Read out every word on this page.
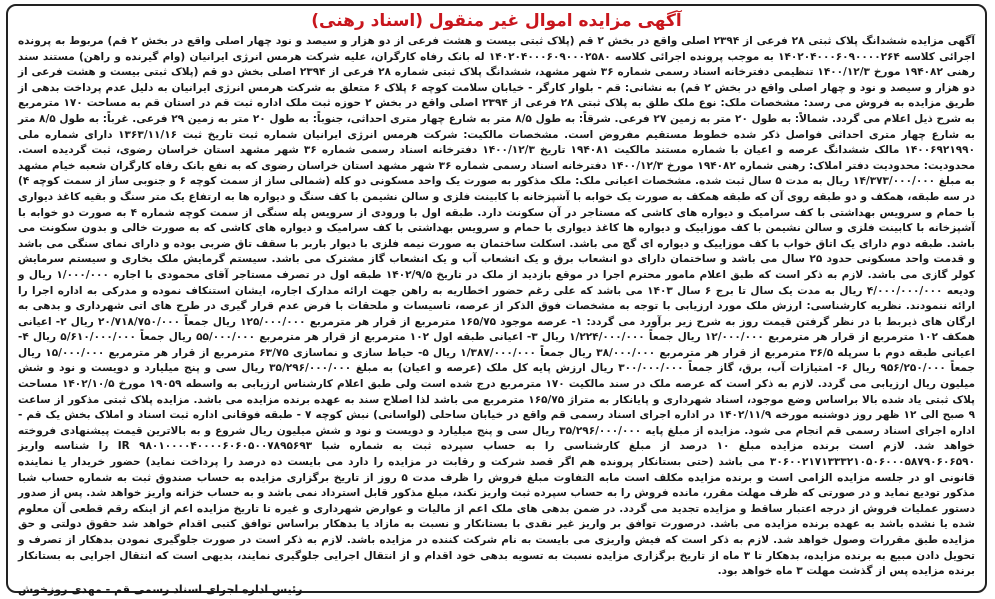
آگهی مزایده اموال غیر منقول (اسناد رهنی)

آگهی مزایده ششدانگ پلاک ثبتی ۲۸ فرعی از ۲۳۹۴ اصلی واقع در بخش ۲ قم (پلاک ثبتی بیست و هشت فرعی از دو هزار و سیصد و نود چهار اصلی واقع در بخش ۲ قم) مربوط به پرونده اجرائی کلاسه ۱۴۰۲۰۴۰۰۰۶۰۹۰۰۰۰۲۶۴ به موجب پرونده اجرائی کلاسه ۱۴۰۲۰۴۰۰۰۶۰۹۰۰۰۲۵۸۰ له بانک رفاه کارگران، علیه شرکت هرمس انرژی ایرانیان (وام گیرنده و راهن) مستند سند رهنی ۱۹۴۰۸۲ مورخ ۱۴۰۰/۱۲/۳ تنظیمی دفترخانه اسناد رسمی شماره ۳۶ شهر مشهد، ششدانگ پلاک ثبتی شماره ۲۸ فرعی از ۲۳۹۴ اصلی بخش دو قم (پلاک ثبتی بیست و هشت فرعی از دو هزار و سیصد و نود و چهار اصلی واقع در بخش ۲ قم) به نشانی: قم - بلوار کارگر - خیابان سلامت کوچه ۶ پلاک ۶ متعلق به شرکت هرمس انرژی ایرانیان به دلیل عدم پرداخت بدهی از طریق مزایده به فروش می رسد: مشخصات ملک: نوع ملک طلق به پلاک ثبتی ۲۸ فرعی از ۲۳۹۴ اصلی واقع در بخش ۲ حوزه ثبت ملک اداره ثبت قم در استان قم به مساحت ۱۷۰ مترمربع به شرح ذیل اعلام می گردد. شمالاً: به طول ۲۰ متر به زمین ۲۷ فرعی. شرقاً: به طول ۸/۵ متر به شارع چهار متری احداثی، جنوباً: به طول ۲۰ متر به زمین ۲۹ فرعی. غرباً: به طول ۸/۵ متر به شارع چهار متری احداثی فواصل ذکر شده خطوط مستقیم مفروض است. مشخصات مالکیت: شرکت هرمس انرژی ایرانیان شماره ثبت تاریخ ثبت ۱۳۶۳/۱۱/۱۶ دارای شماره ملی ۱۴۰۰۶۹۲۱۹۹۰ مالک ششدانگ عرصه و اعیان با شماره مستند مالکیت ۱۹۴۰۸۱ تاریخ ۱۴۰۰/۱۲/۳ دفترخانه اسناد رسمی شماره ۳۶ شهر مشهد استان خراسان رضوی، ثبت گردیده است. محدودیت: محدودیت دفتر املاک: رهنی شماره ۱۹۴۰۸۲ مورخ ۱۴۰۰/۱۲/۳ دفترخانه اسناد رسمی شماره ۳۶ شهر مشهد استان خراسان رضوی که به نفع بانک رفاه کارگران شعبه خیام مشهد به مبلغ ۱۴/۳۷۳/۰۰۰/۰۰۰ ریال به مدت ۵ سال ثبت شده. مشخصات اعیانی ملک: ملک مذکور به صورت یک واحد مسکونی دو کله (شمالی ساز از سمت کوچه ۶ و جنوبی ساز از سمت کوچه ۴) در سه طبقه، همکف و دو طبقه روی آن که طبقه همکف به صورت یک خوابه با آشپزخانه با کابینت فلزی و سالن نشیمن با کف سنگ و دیواره ها به ارتفاع یک متر سنگ و بقیه کاغذ دیواری با حمام و سرویس بهداشتی با کف سرامیک و دیواره های کاشی که مستاجر در آن سکونت دارد. طبقه اول با ورودی از سرویس پله سنگی از سمت کوچه شماره ۴ به صورت دو خوابه با آشپزخانه با کابینت فلزی و سالن نشیمن با کف موزاییک و دیواره ها کاغذ دیواری با حمام و سرویس بهداشتی با کف سرامیک و دیواره های کاشی که به صورت خالی و بدون سکونت می باشد. طبقه دوم دارای یک اتاق خواب با کف موزاییک و دیواره ای گچ می باشد. اسکلت ساختمان به صورت نیمه فلزی با دیوار باربر با سقف تاق ضربی بوده و دارای نمای سنگی می باشد و قدمت واحد مسکونی حدود ۲۵ سال می باشد و ساختمان دارای دو انشعاب برق و یک انشعاب آب و یک انشعاب گاز مشترک می باشد. سیستم گرمایش ملک بخاری و سیستم سرمایش کولر گازی می باشد. لازم به ذکر است که طبق اعلام مامور محترم اجرا در موقع بازدید از ملک در تاریخ ۱۴۰۲/۹/۵ طبقه اول در تصرف مستاجر آقای محمودی با اجاره ۱/۰۰۰/۰۰۰ ریال و ودیعه ۴/۰۰۰/۰۰۰/۰۰۰ ریال به مدت یک سال تا برج ۶ سال ۱۴۰۳ می باشد که علی رغم حضور اخطاریه به راهن جهت ارائه مدارک اجاره، ایشان استنکاف نموده و مدرکی به اداره اجرا را ارائه ننمودند. نظریه کارشناسی: ارزش ملک مورد ارزیابی با توجه به مشخصات فوق الذکر از عرصه، تاسیسات و ملحقات با فرض عدم قرار گیری در طرح های اتی شهرداری و بدهی به ارگان های ذیربط با در نظر گرفتن قیمت روز به شرح زیر برآورد می گردد: ۱- عرصه موجود ۱۶۵/۷۵ مترمربع از قرار هر مترمربع ۱۲۵/۰۰۰/۰۰۰ ریال جمعاً ۲۰/۷۱۸/۷۵۰/۰۰۰ ریال ۲- اعیانی همکف ۱۰۲ مترمربع از قرار هر مترمربع ۱۲/۰۰۰/۰۰۰ ریال جمعاً ۱/۲۲۴/۰۰۰/۰۰۰ ریال ۳- اعیانی طبقه اول ۱۰۲ مترمربع از قرار هر مترمربع ۵۵/۰۰۰/۰۰۰ ریال جمعاً ۵/۶۱۰/۰۰۰/۰۰۰ ریال ۴- اعیانی طبقه دوم با سرپله ۳۶/۵ مترمربع از قرار هر مترمربع ۳۸/۰۰۰/۰۰۰ ریال جمعاً ۱/۳۸۷/۰۰۰/۰۰۰ ریال ۵- حیاط سازی و نماسازی ۶۳/۷۵ مترمربع از قرار هر مترمربع ۱۵/۰۰۰/۰۰۰ ریال جمعاً ۹۵۶/۲۵۰/۰۰۰ ریال ۶- امتیازات آب، برق، گاز جمعاً ۳۰۰/۰۰۰/۰۰۰ ریال ارزش پایه کل ملک (عرصه و اعیان) به مبلغ ۳۵/۲۹۶/۰۰۰/۰۰۰ ریال سی و پنج میلیارد و دویست و نود و شش میلیون ریال ارزیابی می گردد. لازم به ذکر است که عرصه ملک در سند مالکیت ۱۷۰ مترمربع درج شده است ولی طبق اعلام کارشناس ارزیابی به واسطه ۱۹۰۵۹ مورخ ۱۴۰۲/۱۰/۵ مساحت پلاک ثبتی یاد شده بالا براساس وضع موجود، اسناد شهرداری و پایانکار به متراژ ۱۶۵/۷۵ مترمربع می باشد لذا اصلاح سند به عهده برنده مزایده می باشد. مزایده پلاک ثبتی مذکور از ساعت ۹ صبح الی ۱۲ ظهر روز دوشنبه مورخه ۱۴۰۲/۱۱/۹ در اداره اجرای اسناد رسمی قم واقع در خیابان ساحلی (لواسانی) نبش کوچه ۷ - طبقه فوقانی اداره ثبت اسناد و املاک بخش یک قم - اداره اجرای اسناد رسمی قم انجام می شود. مزایده از مبلغ پایه ۳۵/۲۹۶/۰۰۰/۰۰۰ ریال سی و پنج میلیارد و دویست و نود و شش میلیون ریال شروع و به بالاترین قیمت پیشنهادی فروخته خواهد شد. لازم است برنده مزایده مبلغ ۱۰ درصد از مبلغ کارشناسی را به حساب سپرده ثبت به شماره شبا IR ۹۸۰۱۰۰۰۰۴۰۰۰۰۶۰۶۰۵۰۰۷۸۹۵۶۹۳ را شناسه واریز ۳۰۶۰۰۲۱۷۱۳۳۳۲۱۰۵۰۶۰۰۰۵۸۷۹۰۶۰۶۵۹۰ می باشد (حتی بستانکار پرونده هم اگر قصد شرکت و رقابت در مزایده را دارد می بایست ده درصد را پرداخت نماید) حضور خریدار یا نماینده قانونی او در جلسه مزایده الزامی است و برنده مزایده مکلف است مابه التفاوت مبلغ فروش را ظرف مدت ۵ روز از تاریخ برگزاری مزایده به حساب صندوق ثبت به شماره حساب شبا مذکور تودیع نماید و در صورتی که ظرف مهلت مقرر، مانده فروش را به حساب سپرده ثبت واریز نکند، مبلغ مذکور قابل استرداد نمی باشد و به حساب خزانه واریز خواهد شد. پس از صدور دستور عملیات فروش از درجه اعتبار ساقط و مزایده تجدید می گردد. در ضمن بدهی های ملک اعم از مالیات و عوارض شهرداری و غیره تا تاریخ مزایده اعم از اینکه رقم قطعی آن معلوم شده یا نشده باشد به عهده برنده مزایده می باشد. درصورت توافق بر واریز غیر نقدی با بستانکار و نسبت به مازاد یا بدهکار براساس توافق کتبی اقدام خواهد شد حقوق دولتی و حق مزایده طبق مقررات وصول خواهد شد. لازم به ذکر است که فیش واریزی می بایست به نام شرکت کننده در مزایده باشد. لازم به ذکر است در صورت جلوگیری نمودن بدهکار از تصرف و تحویل دادن مبیع به برنده مزایده، بدهکار تا ۳ ماه از تاریخ برگزاری مزایده نسبت به تسویه بدهی خود اقدام و از انتقال اجرایی جلوگیری نمایند، بدیهی است که انتقال اجرایی به بستانکار برنده مزایده پس از گذشت مهلت ۳ ماه خواهد بود.

رئیس اداره اجرای اسناد رسمی قم - مهدی روزخوش
